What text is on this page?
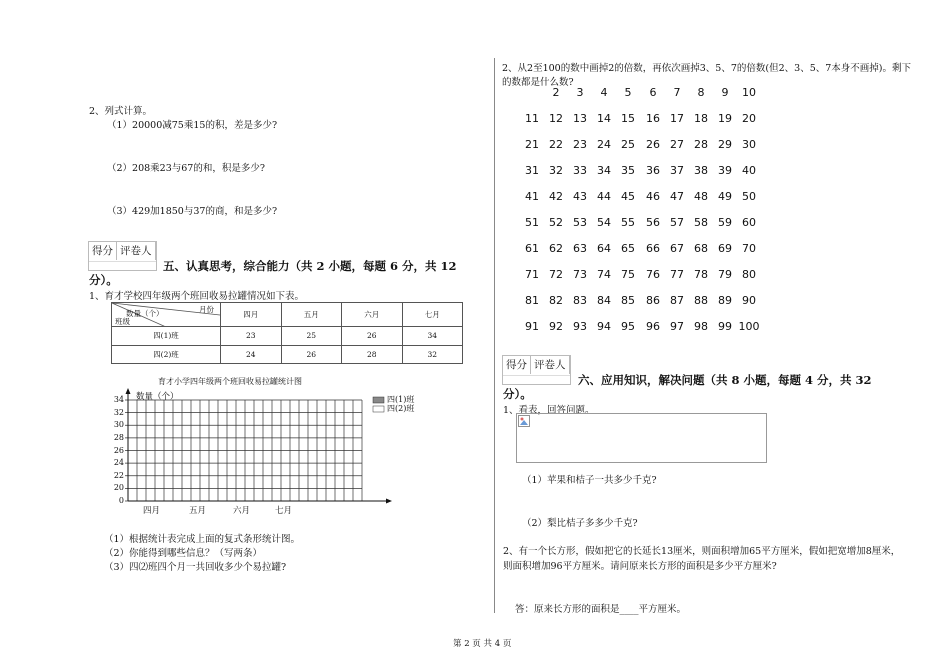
2、列式计算。
（1）20000减75乘15的积，差是多少?
（2）208乘23与67的和，积是多少?
（3）429加1850与37的商，和是多少?
得分 评卷人
五、认真思考，综合能力（共 2 小题，每题 6 分，共 12
分）。
1、育才学校四年级两个班回收易拉罐情况如下表。
月份
数量（个）
班级	四月	五月	六月	七月
四(1)班	23	25	26	34
四(2)班	24	26	28	32
育才小学四年级两个班回收易拉罐统计图
数量（个）	四(1)班
四(2)班
34
32
30
28
26
24
22
20
0
四月	五月	六月	七月
（1）根据统计表完成上面的复式条形统计图。
（2）你能得到哪些信息？（写两条）
（3）四⑵班四个月一共回收多少个易拉罐?
2、从2至100的数中画掉2的倍数，再依次画掉3、5、7的倍数(但2、3、5、7本身不画掉)。剩下
的数都是什么数?
2	3	4	5	6	7	8	9	10
11 12 13 14 15	16 17 18 19 20
21 22 23 24 25	26 27 28 29 30
31 32 33 34 35	36 37 38 39 40
41 42 43 44 45	46 47 48 49 50
51 52 53 54 55	56 57 58 59 60
61 62 63 64 65	66 67 68 69 70
71 72 73 74 75	76 77 78 79 80
81 82 83 84 85	86 87 88 89 90
91 92 93 94 95	96 97 98 99 100
得分 评卷人
六、应用知识，解决问题（共 8 小题，每题 4 分，共 32
分）。
1、看表，回答问题。
（1）苹果和桔子一共多少千克?
（2）梨比桔子多多少千克?
2、有一个长方形，假如把它的长延长13厘米，则面积增加65平方厘米，假如把宽增加8厘米，
则面积增加96平方厘米。请问原来长方形的面积是多少平方厘米?
答：原来长方形的面积是____平方厘米。
第 2 页 共 4 页
